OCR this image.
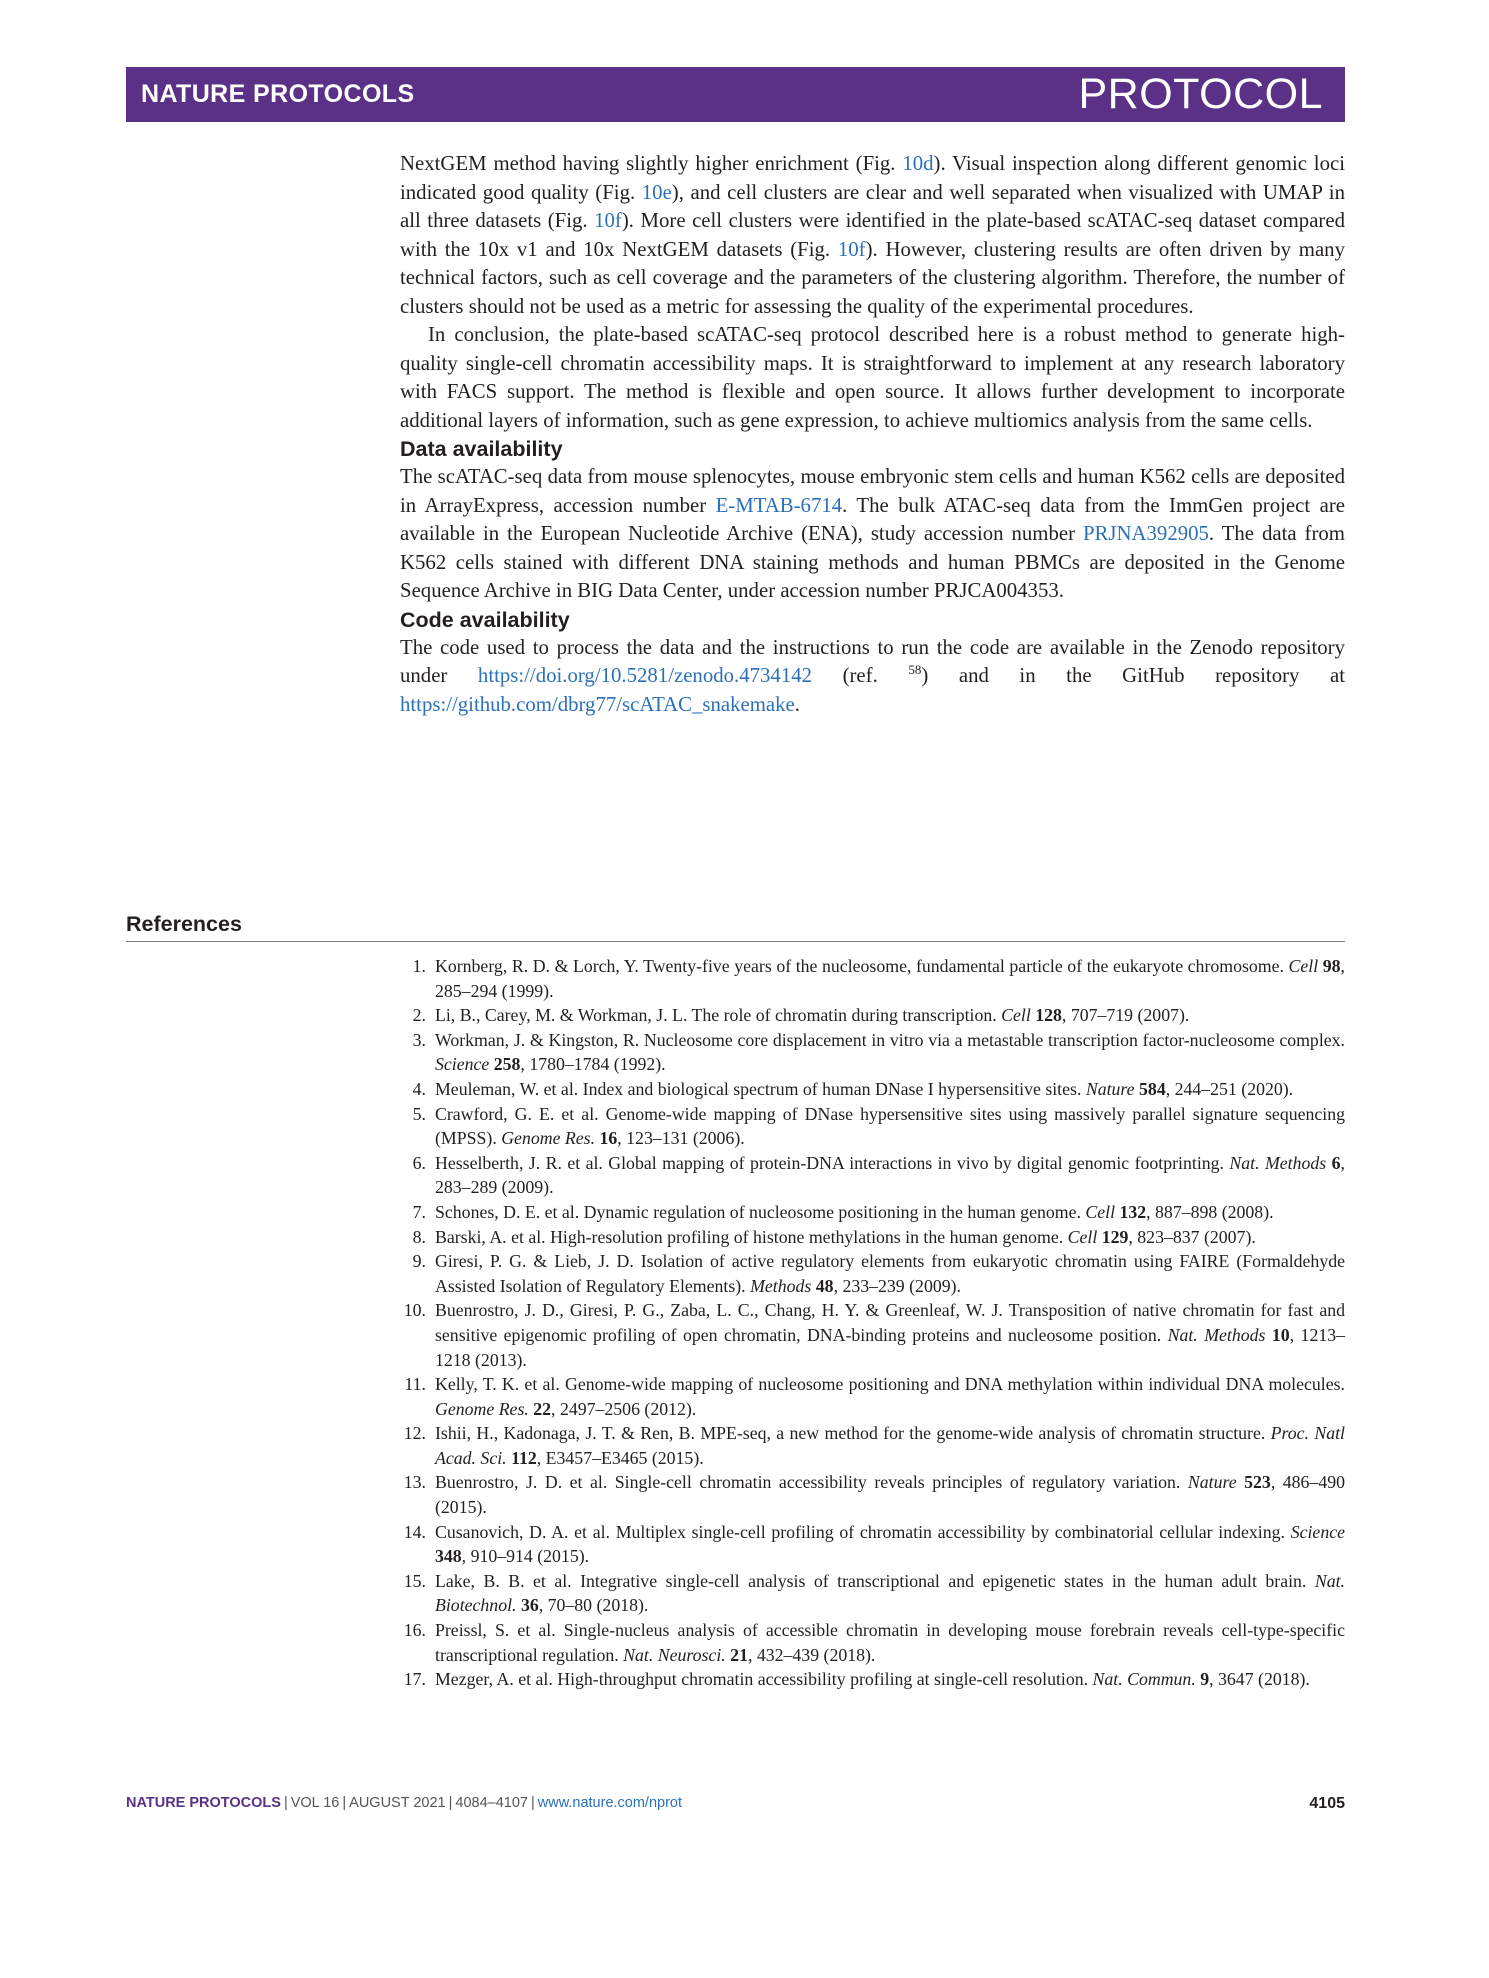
NATURE PROTOCOLS	PROTOCOL

NextGEM method having slightly higher enrichment (Fig. 10d). Visual inspection along different genomic loci indicated good quality (Fig. 10e), and cell clusters are clear and well separated when visualized with UMAP in all three datasets (Fig. 10f). More cell clusters were identified in the plate-based scATAC-seq dataset compared with the 10x v1 and 10x NextGEM datasets (Fig. 10f). However, clustering results are often driven by many technical factors, such as cell coverage and the parameters of the clustering algorithm. Therefore, the number of clusters should not be used as a metric for assessing the quality of the experimental procedures.

In conclusion, the plate-based scATAC-seq protocol described here is a robust method to generate high-quality single-cell chromatin accessibility maps. It is straightforward to implement at any research laboratory with FACS support. The method is flexible and open source. It allows further development to incorporate additional layers of information, such as gene expression, to achieve multiomics analysis from the same cells.

Data availability

The scATAC-seq data from mouse splenocytes, mouse embryonic stem cells and human K562 cells are deposited in ArrayExpress, accession number E-MTAB-6714. The bulk ATAC-seq data from the ImmGen project are available in the European Nucleotide Archive (ENA), study accession number PRJNA392905. The data from K562 cells stained with different DNA staining methods and human PBMCs are deposited in the Genome Sequence Archive in BIG Data Center, under accession number PRJCA004353.

Code availability

The code used to process the data and the instructions to run the code are available in the Zenodo repository under https://doi.org/10.5281/zenodo.4734142 (ref. $^{58}$) and in the GitHub repository at https://github.com/dbrg77/scATAC_snakemake.

References
1. Kornberg, R. D. & Lorch, Y. Twenty-five years of the nucleosome, fundamental particle of the eukaryote chromosome. Cell 98, 285–294 (1999).
2. Li, B., Carey, M. & Workman, J. L. The role of chromatin during transcription. Cell 128, 707–719 (2007).
3. Workman, J. & Kingston, R. Nucleosome core displacement in vitro via a metastable transcription factor-nucleosome complex. Science 258, 1780–1784 (1992).
4. Meuleman, W. et al. Index and biological spectrum of human DNase I hypersensitive sites. Nature 584, 244–251 (2020).
5. Crawford, G. E. et al. Genome-wide mapping of DNase hypersensitive sites using massively parallel signature sequencing (MPSS). Genome Res. 16, 123–131 (2006).
6. Hesselberth, J. R. et al. Global mapping of protein-DNA interactions in vivo by digital genomic footprinting. Nat. Methods 6, 283–289 (2009).
7. Schones, D. E. et al. Dynamic regulation of nucleosome positioning in the human genome. Cell 132, 887–898 (2008).
8. Barski, A. et al. High-resolution profiling of histone methylations in the human genome. Cell 129, 823–837 (2007).
9. Giresi, P. G. & Lieb, J. D. Isolation of active regulatory elements from eukaryotic chromatin using FAIRE (Formaldehyde Assisted Isolation of Regulatory Elements). Methods 48, 233–239 (2009).
10. Buenrostro, J. D., Giresi, P. G., Zaba, L. C., Chang, H. Y. & Greenleaf, W. J. Transposition of native chromatin for fast and sensitive epigenomic profiling of open chromatin, DNA-binding proteins and nucleosome position. Nat. Methods 10, 1213–1218 (2013).
11. Kelly, T. K. et al. Genome-wide mapping of nucleosome positioning and DNA methylation within individual DNA molecules. Genome Res. 22, 2497–2506 (2012).
12. Ishii, H., Kadonaga, J. T. & Ren, B. MPE-seq, a new method for the genome-wide analysis of chromatin structure. Proc. Natl Acad. Sci. 112, E3457–E3465 (2015).
13. Buenrostro, J. D. et al. Single-cell chromatin accessibility reveals principles of regulatory variation. Nature 523, 486–490 (2015).
14. Cusanovich, D. A. et al. Multiplex single-cell profiling of chromatin accessibility by combinatorial cellular indexing. Science 348, 910–914 (2015).
15. Lake, B. B. et al. Integrative single-cell analysis of transcriptional and epigenetic states in the human adult brain. Nat. Biotechnol. 36, 70–80 (2018).
16. Preissl, S. et al. Single-nucleus analysis of accessible chromatin in developing mouse forebrain reveals cell-type-specific transcriptional regulation. Nat. Neurosci. 21, 432–439 (2018).
17. Mezger, A. et al. High-throughput chromatin accessibility profiling at single-cell resolution. Nat. Commun. 9, 3647 (2018).
NATURE PROTOCOLS | VOL 16 | AUGUST 2021 | 4084–4107 | www.nature.com/nprot	4105
